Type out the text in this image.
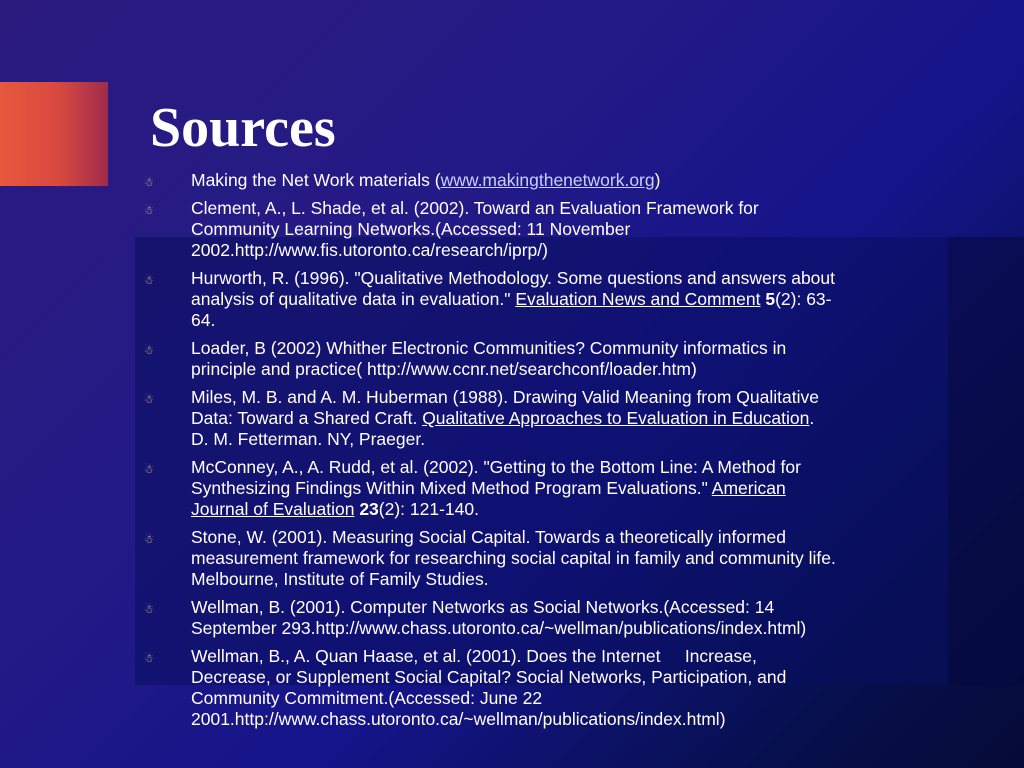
Sources
☃ Making the Net Work materials (www.makingthenetwork.org)
☃ Clement, A., L. Shade, et al. (2002). Toward an Evaluation Framework for
Community Learning Networks.(Accessed: 11 November
2002.http://www.fis.utoronto.ca/research/iprp/)
☃ Hurworth, R. (1996). "Qualitative Methodology. Some questions and answers about
analysis of qualitative data in evaluation." Evaluation News and Comment 5(2): 63-
64.
☃ Loader, B (2002) Whither Electronic Communities? Community informatics in
principle and practice( http://www.ccnr.net/searchconf/loader.htm)
☃ Miles, M. B. and A. M. Huberman (1988). Drawing Valid Meaning from Qualitative
Data: Toward a Shared Craft. Qualitative Approaches to Evaluation in Education.
D. M. Fetterman. NY, Praeger.
☃ McConney, A., A. Rudd, et al. (2002). "Getting to the Bottom Line: A Method for
Synthesizing Findings Within Mixed Method Program Evaluations." American
Journal of Evaluation 23(2): 121-140.
☃ Stone, W. (2001). Measuring Social Capital. Towards a theoretically informed
measurement framework for researching social capital in family and community life.
Melbourne, Institute of Family Studies.
☃ Wellman, B. (2001). Computer Networks as Social Networks.(Accessed: 14
September 293.http://www.chass.utoronto.ca/~wellman/publications/index.html)
☃ Wellman, B., A. Quan Haase, et al. (2001). Does the Internet     Increase,
Decrease, or Supplement Social Capital? Social Networks, Participation, and
Community Commitment.(Accessed: June 22
2001.http://www.chass.utoronto.ca/~wellman/publications/index.html)
